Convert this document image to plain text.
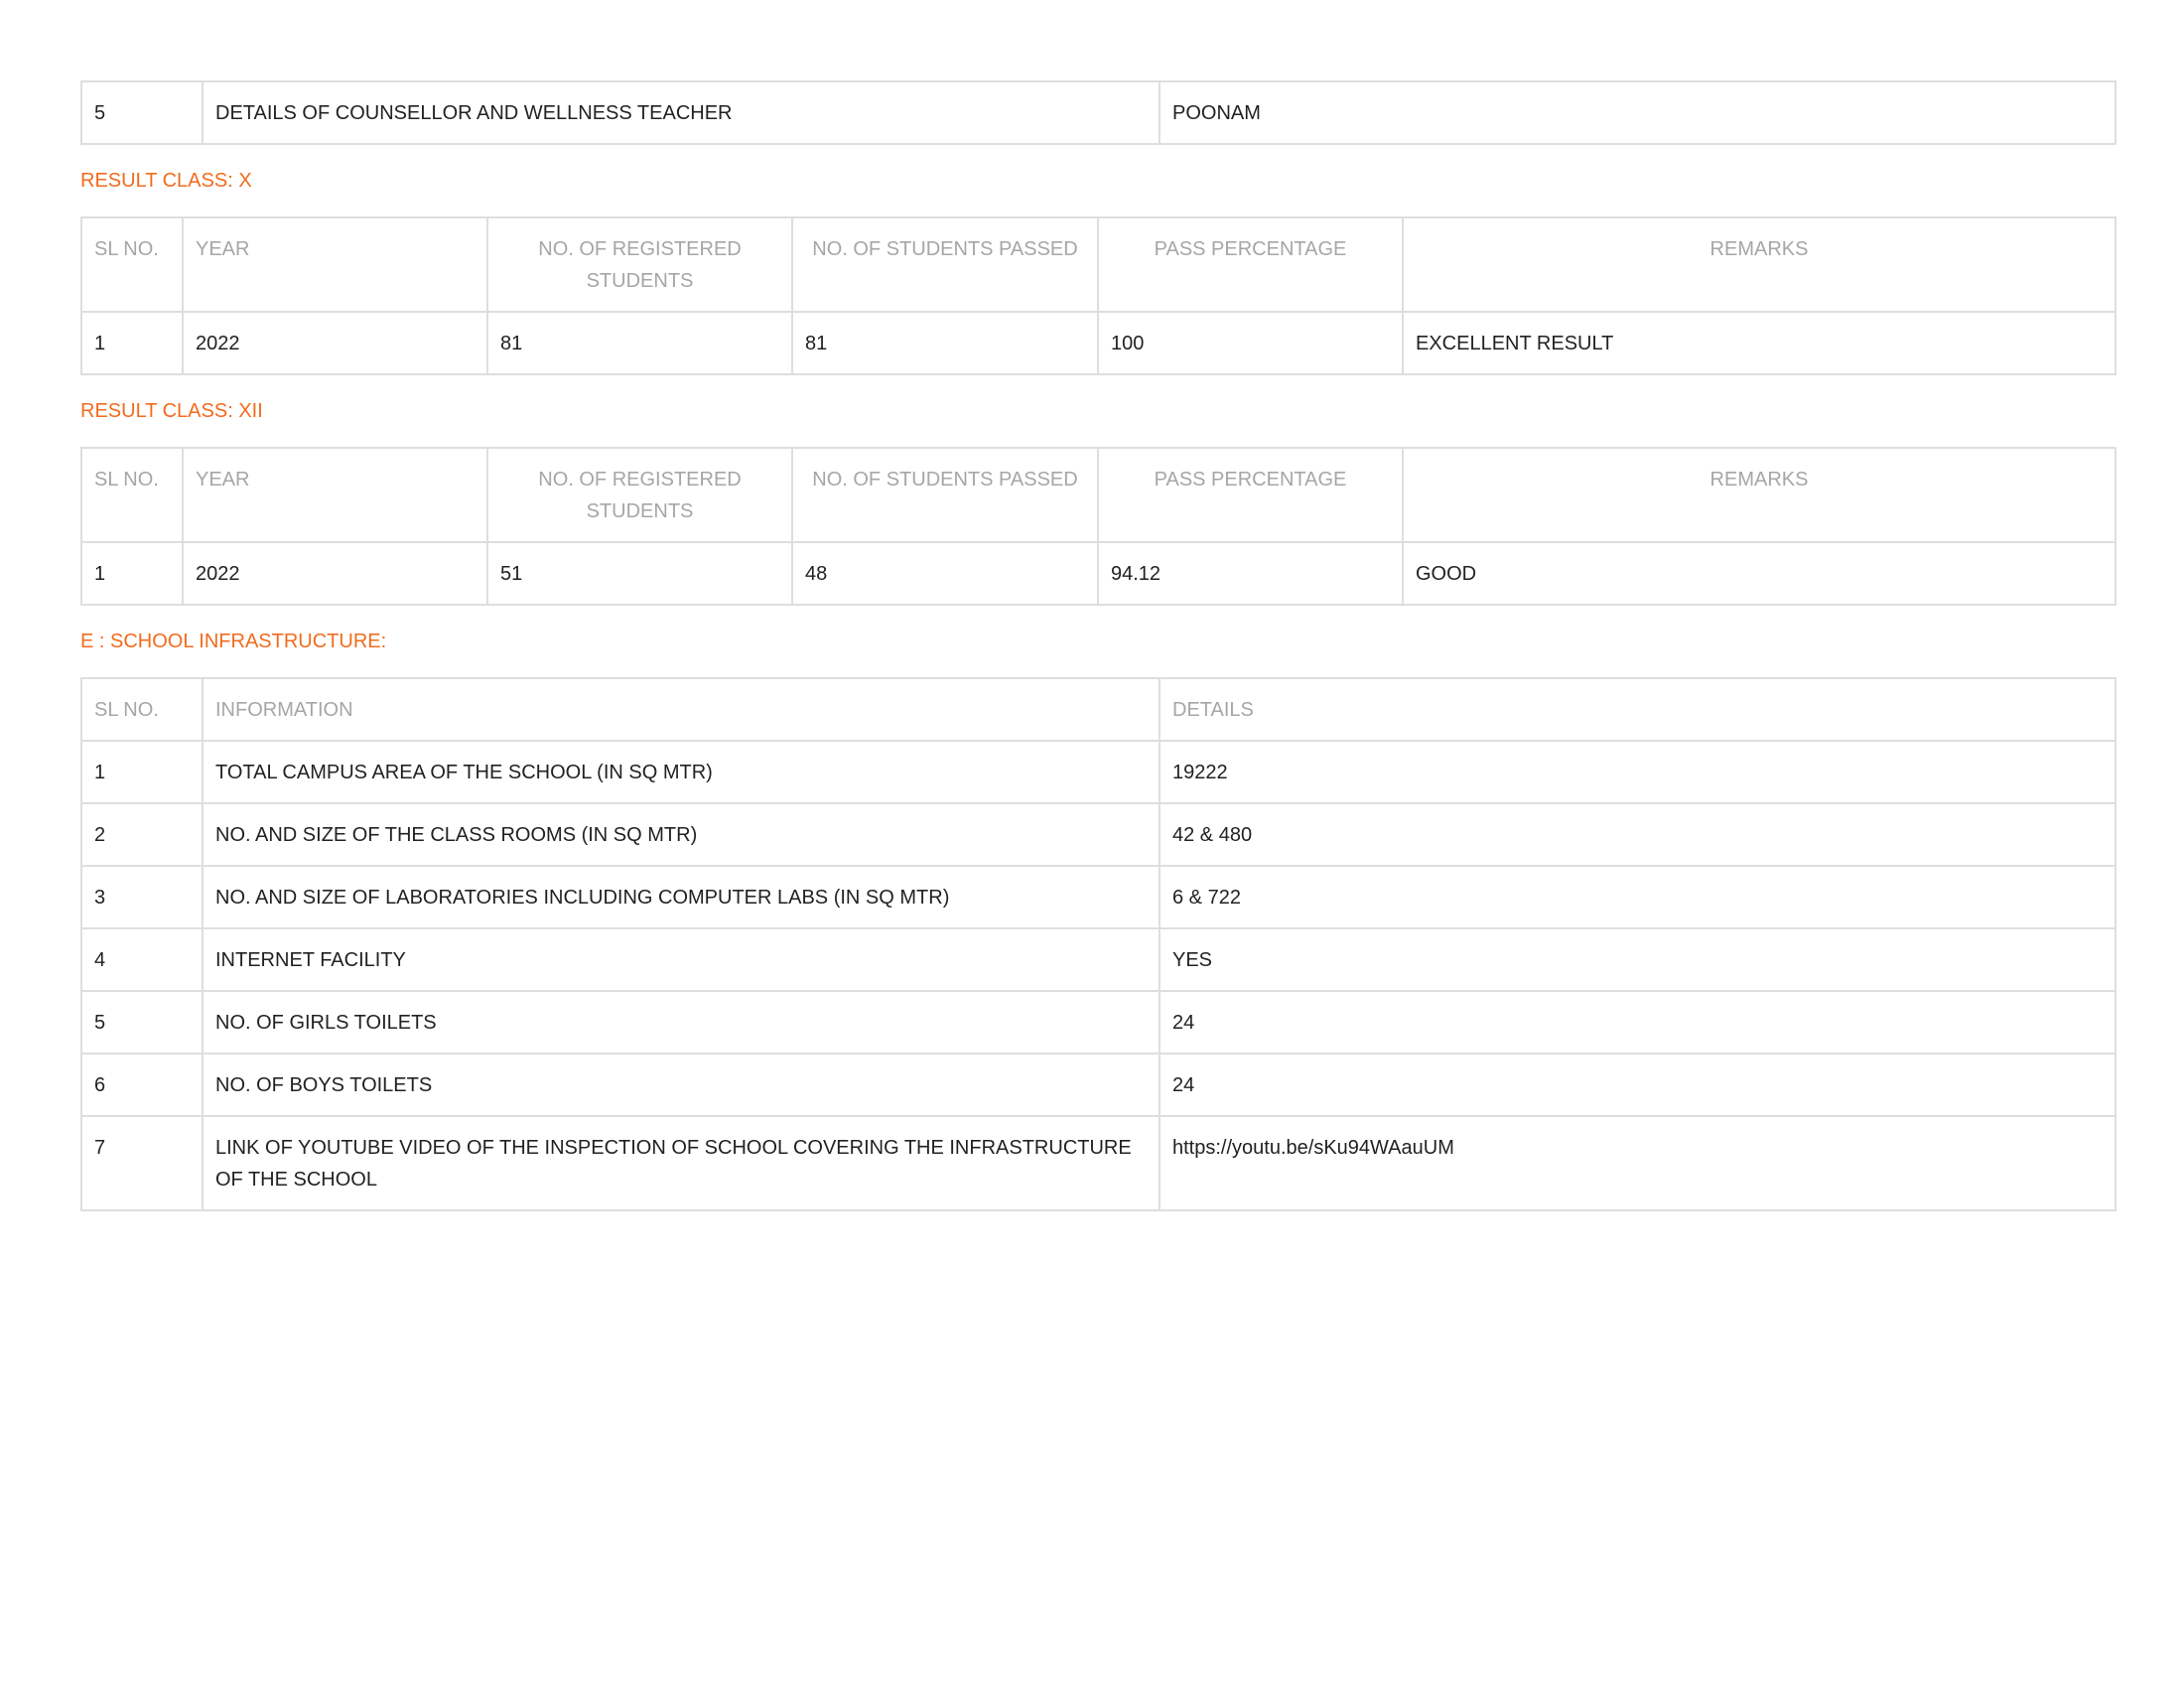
5	DETAILS OF COUNSELLOR AND WELLNESS TEACHER	POONAM
RESULT CLASS: X
SL NO.	YEAR	NO. OF REGISTERED STUDENTS	NO. OF STUDENTS PASSED	PASS PERCENTAGE	REMARKS
1	2022	81	81	100	EXCELLENT RESULT
RESULT CLASS: XII
SL NO.	YEAR	NO. OF REGISTERED STUDENTS	NO. OF STUDENTS PASSED	PASS PERCENTAGE	REMARKS
1	2022	51	48	94.12	GOOD
E : SCHOOL INFRASTRUCTURE:
SL NO.	INFORMATION	DETAILS
1	TOTAL CAMPUS AREA OF THE SCHOOL (IN SQ MTR)	19222
2	NO. AND SIZE OF THE CLASS ROOMS (IN SQ MTR)	42 & 480
3	NO. AND SIZE OF LABORATORIES INCLUDING COMPUTER LABS (IN SQ MTR)	6 & 722
4	INTERNET FACILITY	YES
5	NO. OF GIRLS TOILETS	24
6	NO. OF BOYS TOILETS	24
7	LINK OF YOUTUBE VIDEO OF THE INSPECTION OF SCHOOL COVERING THE INFRASTRUCTURE OF THE SCHOOL	https://youtu.be/sKu94WAauUM
